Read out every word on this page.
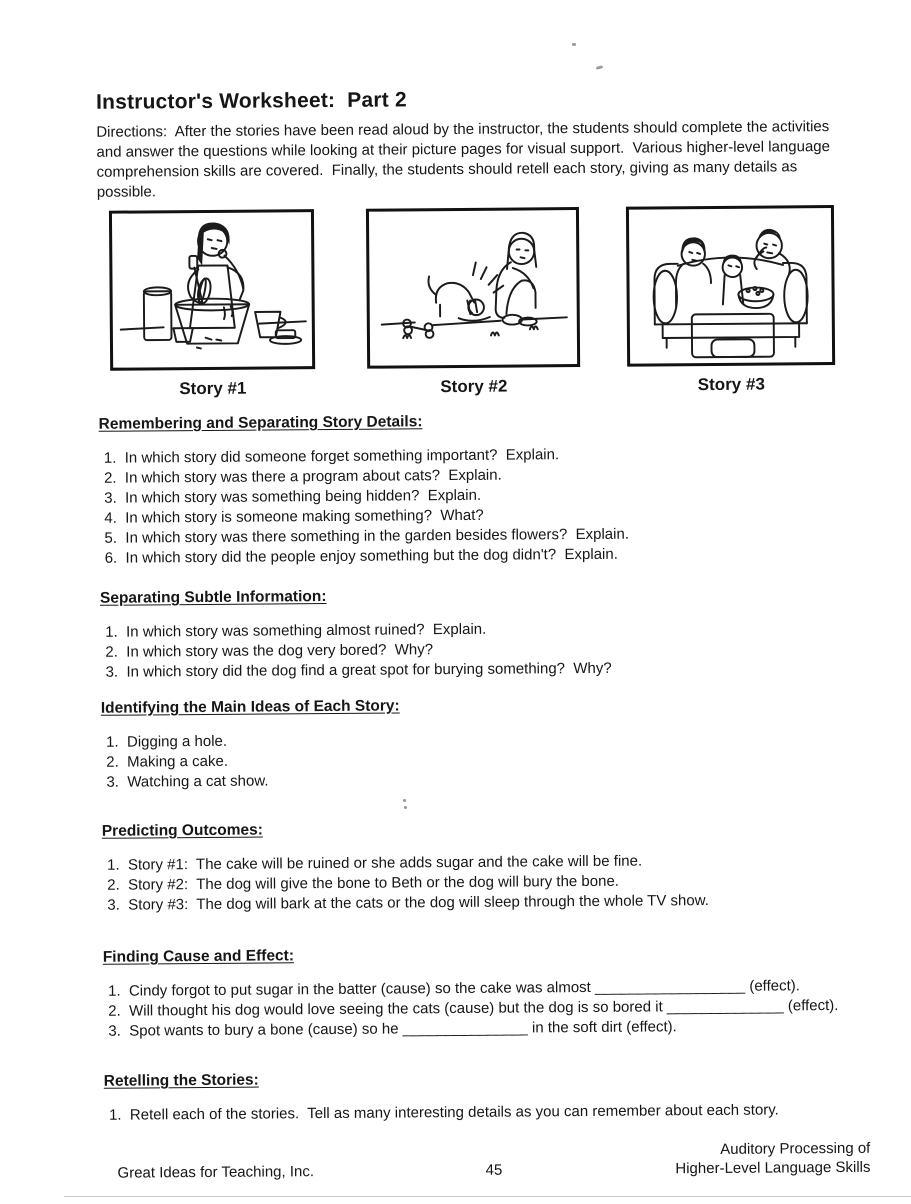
Instructor's Worksheet:  Part 2
Directions:  After the stories have been read aloud by the instructor, the students should complete the activities and answer the questions while looking at their picture pages for visual support.  Various higher-level language comprehension skills are covered.  Finally, the students should retell each story, giving as many details as possible.
Story #1	Story #2	Story #3
Remembering and Separating Story Details:
In which story did someone forget something important?  Explain.
In which story was there a program about cats?  Explain.
In which story was something being hidden?  Explain.
In which story is someone making something?  What?
In which story was there something in the garden besides flowers?  Explain.
In which story did the people enjoy something but the dog didn't?  Explain.
Separating Subtle Information:
In which story was something almost ruined?  Explain.
In which story was the dog very bored?  Why?
In which story did the dog find a great spot for burying something?  Why?
Identifying the Main Ideas of Each Story:
Digging a hole.
Making a cake.
Watching a cat show.
Predicting Outcomes:
Story #1:  The cake will be ruined or she adds sugar and the cake will be fine.
Story #2:  The dog will give the bone to Beth or the dog will bury the bone.
Story #3:  The dog will bark at the cats or the dog will sleep through the whole TV show.
Finding Cause and Effect:
Cindy forgot to put sugar in the batter (cause) so the cake was almost __________________ (effect).
Will thought his dog would love seeing the cats (cause) but the dog is so bored it ______________ (effect).
Spot wants to bury a bone (cause) so he _______________ in the soft dirt (effect).
Retelling the Stories:
Retell each of the stories.  Tell as many interesting details as you can remember about each story.
Great Ideas for Teaching, Inc.	45
Auditory Processing of
Higher-Level Language Skills
